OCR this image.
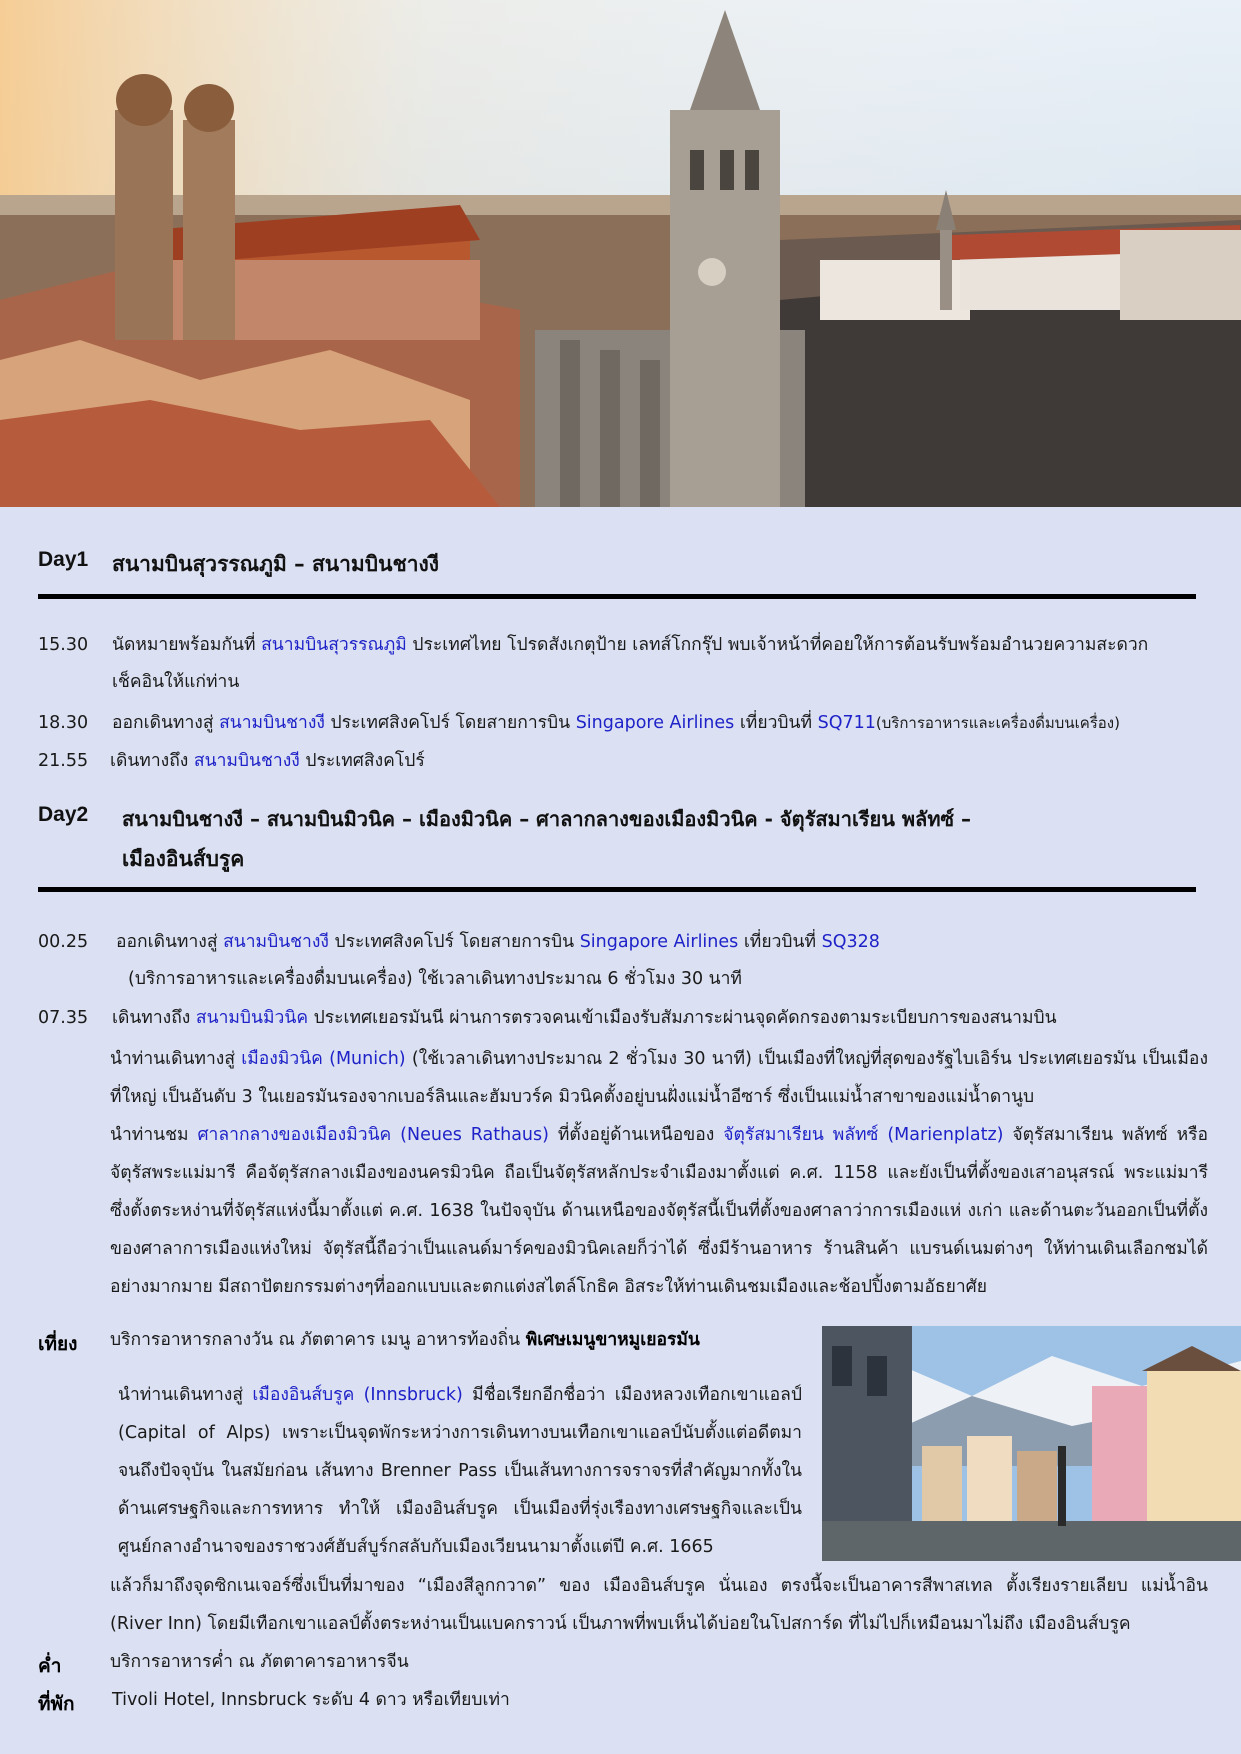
Day1 สนามบินสุวรรณภูมิ – สนามบินชางงี
15.30 นัดหมายพร้อมกันที่ สนามบินสุวรรณภูมิ ประเทศไทย โปรดสังเกตุป้าย เลทส์โกกรุ๊ป พบเจ้าหน้าที่คอยให้การต้อนรับพร้อมอำนวยความสะดวก
เช็คอินให้แก่ท่าน
18.30 ออกเดินทางสู่ สนามบินชางงี ประเทศสิงคโปร์ โดยสายการบิน Singapore Airlines เที่ยวบินที่ SQ711(บริการอาหารและเครื่องดื่มบนเครื่อง)
21.55 เดินทางถึง สนามบินชางงี ประเทศสิงคโปร์
Day2 สนามบินชางงี – สนามบินมิวนิค – เมืองมิวนิค – ศาลากลางของเมืองมิวนิค - จัตุรัสมาเรียน พลัทซ์ –
เมืองอินส์บรูค
00.25 ออกเดินทางสู่ สนามบินชางงี ประเทศสิงคโปร์ โดยสายการบิน Singapore Airlines เที่ยวบินที่ SQ328
(บริการอาหารและเครื่องดื่มบนเครื่อง) ใช้เวลาเดินทางประมาณ 6 ชั่วโมง 30 นาที
07.35 เดินทางถึง สนามบินมิวนิค ประเทศเยอรมันนี ผ่านการตรวจคนเข้าเมืองรับสัมภาระผ่านจุดคัดกรองตามระเบียบการของสนามบิน
นำท่านเดินทางสู่ เมืองมิวนิค (Munich) (ใช้เวลาเดินทางประมาณ 2 ชั่วโมง 30 นาที) เป็นเมืองที่ใหญ่ที่สุดของรัฐไบเอิร์น ประเทศเยอรมัน เป็นเมืองที่ใหญ่ เป็นอันดับ 3 ในเยอรมันรองจากเบอร์ลินและฮัมบวร์ค มิวนิคตั้งอยู่บนฝั่งแม่น้ำอีซาร์ ซึ่งเป็นแม่น้ำสาขาของแม่น้ำดานูบ
นำท่านชม ศาลากลางของเมืองมิวนิค (Neues Rathaus) ที่ตั้งอยู่ด้านเหนือของ จัตุรัสมาเรียน พลัทซ์ (Marienplatz) จัตุรัสมาเรียน พลัทซ์ หรือ จัตุรัสพระแม่มารี คือจัตุรัสกลางเมืองของนครมิวนิค ถือเป็นจัตุรัสหลักประจำเมืองมาตั้งแต่ ค.ศ. 1158 และยังเป็นที่ตั้งของเสาอนุสรณ์ พระแม่มารี ซึ่งตั้งตระหง่านที่จัตุรัสแห่งนี้มาตั้งแต่ ค.ศ. 1638 ในปัจจุบัน ด้านเหนือของจัตุรัสนี้เป็นที่ตั้งของศาลาว่าการเมืองแห่ งเก่า และด้านตะวันออกเป็นที่ตั้งของศาลาการเมืองแห่งใหม่ จัตุรัสนี้ถือว่าเป็นแลนด์มาร์คของมิวนิคเลยก็ว่าได้ ซึ่งมีร้านอาหาร ร้านสินค้า แบรนด์เนมต่างๆ ให้ท่านเดินเลือกชมได้อย่างมากมาย มีสถาปัตยกรรมต่างๆที่ออกแบบและตกแต่งสไตล์โกธิค อิสระให้ท่านเดินชมเมืองและช้อปปิ้งตามอัธยาศัย
เที่ยง บริการอาหารกลางวัน ณ ภัตตาคาร เมนู อาหารท้องถิ่น พิเศษเมนูขาหมูเยอรมัน
นำท่านเดินทางสู่ เมืองอินส์บรูค (Innsbruck) มีชื่อเรียกอีกชื่อว่า เมืองหลวงเทือกเขาแอลป์ (Capital of Alps) เพราะเป็นจุดพักระหว่างการเดินทางบนเทือกเขาแอลป์นับตั้งแต่อดีตมาจนถึงปัจจุบัน ในสมัยก่อน เส้นทาง Brenner Pass เป็นเส้นทางการจราจรที่สำคัญมากทั้งในด้านเศรษฐกิจและการทหาร ทำให้ เมืองอินส์บรูค เป็นเมืองที่รุ่งเรืองทางเศรษฐกิจและเป็นศูนย์กลางอำนาจของราชวงศ์ฮับส์บูร์กสลับกับเมืองเวียนนามาตั้งแต่ปี ค.ศ. 1665
แล้วก็มาถึงจุดซิกเนเจอร์ซึ่งเป็นที่มาของ “เมืองสีลูกกวาด” ของ เมืองอินส์บรูค นั่นเอง ตรงนี้จะเป็นอาคารสีพาสเทล ตั้งเรียงรายเลียบ แม่น้ำอิน (River Inn) โดยมีเทือกเขาแอลป์ตั้งตระหง่านเป็นแบคกราวน์ เป็นภาพที่พบเห็นได้บ่อยในโปสการ์ด ที่ไม่ไปก็เหมือนมาไม่ถึง เมืองอินส์บรูค
ค่ำ	บริการอาหารค่ำ ณ ภัตตาคารอาหารจีน
ที่พัก Tivoli Hotel, Innsbruck ระดับ 4 ดาว หรือเทียบเท่า
